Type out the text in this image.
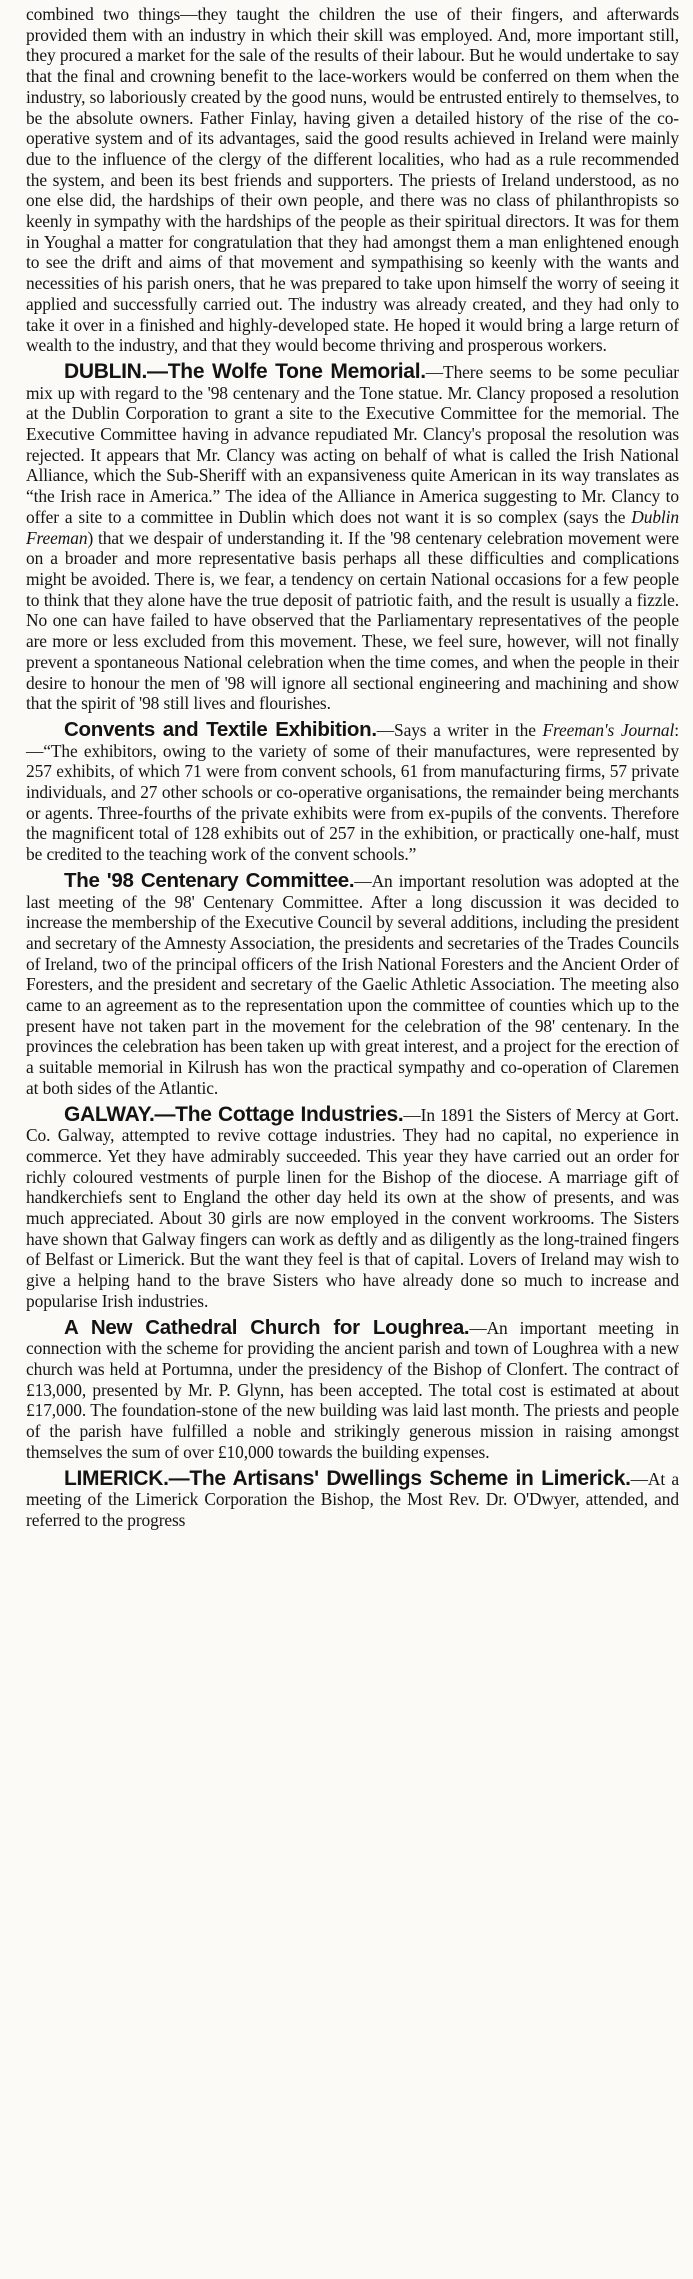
combined two things—they taught the children the use of their fingers, and afterwards provided them with an industry in which their skill was employed. And, more important still, they procured a market for the sale of the results of their labour. But he would undertake to say that the final and crowning benefit to the lace-workers would be conferred on them when the industry, so laboriously created by the good nuns, would be entrusted entirely to themselves, to be the absolute owners. Father Finlay, having given a detailed history of the rise of the co-operative system and of its advantages, said the good results achieved in Ireland were mainly due to the influence of the clergy of the different localities, who had as a rule recommended the system, and been its best friends and supporters. The priests of Ireland understood, as no one else did, the hardships of their own people, and there was no class of philanthropists so keenly in sympathy with the hardships of the people as their spiritual directors. It was for them in Youghal a matter for congratulation that they had amongst them a man enlightened enough to see the drift and aims of that movement and sympathising so keenly with the wants and necessities of his parish oners, that he was prepared to take upon himself the worry of seeing it applied and successfully carried out. The industry was already created, and they had only to take it over in a finished and highly-developed state. He hoped it would bring a large return of wealth to the industry, and that they would become thriving and prosperous workers.

DUBLIN.—The Wolfe Tone Memorial.—There seems to be some peculiar mix up with regard to the '98 centenary and the Tone statue. Mr. Clancy proposed a resolution at the Dublin Corporation to grant a site to the Executive Committee for the memorial. The Executive Committee having in advance repudiated Mr. Clancy's proposal the resolution was rejected. It appears that Mr. Clancy was acting on behalf of what is called the Irish National Alliance, which the Sub-Sheriff with an expansiveness quite American in its way translates as “the Irish race in America.” The idea of the Alliance in America suggesting to Mr. Clancy to offer a site to a committee in Dublin which does not want it is so complex (says the Dublin Freeman) that we despair of understanding it. If the '98 centenary celebration movement were on a broader and more representative basis perhaps all these difficulties and complications might be avoided. There is, we fear, a tendency on certain National occasions for a few people to think that they alone have the true deposit of patriotic faith, and the result is usually a fizzle. No one can have failed to have observed that the Parliamentary representatives of the people are more or less excluded from this movement. These, we feel sure, however, will not finally prevent a spontaneous National celebration when the time comes, and when the people in their desire to honour the men of '98 will ignore all sectional engineering and machining and show that the spirit of '98 still lives and flourishes.

Convents and Textile Exhibition.—Says a writer in the Freeman's Journal:—“The exhibitors, owing to the variety of some of their manufactures, were represented by 257 exhibits, of which 71 were from convent schools, 61 from manufacturing firms, 57 private individuals, and 27 other schools or co-operative organisations, the remainder being merchants or agents. Three-fourths of the private exhibits were from ex-pupils of the convents. Therefore the magnificent total of 128 exhibits out of 257 in the exhibition, or practically one-half, must be credited to the teaching work of the convent schools.”

The '98 Centenary Committee.—An important resolution was adopted at the last meeting of the 98' Centenary Committee. After a long discussion it was decided to increase the membership of the Executive Council by several additions, including the president and secretary of the Amnesty Association, the presidents and secretaries of the Trades Councils of Ireland, two of the principal officers of the Irish National Foresters and the Ancient Order of Foresters, and the president and secretary of the Gaelic Athletic Association. The meeting also came to an agreement as to the representation upon the committee of counties which up to the present have not taken part in the movement for the celebration of the 98' centenary. In the provinces the celebration has been taken up with great interest, and a project for the erection of a suitable memorial in Kilrush has won the practical sympathy and co-operation of Claremen at both sides of the Atlantic.

GALWAY.—The Cottage Industries.—In 1891 the Sisters of Mercy at Gort. Co. Galway, attempted to revive cottage industries. They had no capital, no experience in commerce. Yet they have admirably succeeded. This year they have carried out an order for richly coloured vestments of purple linen for the Bishop of the diocese. A marriage gift of handkerchiefs sent to England the other day held its own at the show of presents, and was much appreciated. About 30 girls are now employed in the convent workrooms. The Sisters have shown that Galway fingers can work as deftly and as diligently as the long-trained fingers of Belfast or Limerick. But the want they feel is that of capital. Lovers of Ireland may wish to give a helping hand to the brave Sisters who have already done so much to increase and popularise Irish industries.

A New Cathedral Church for Loughrea.—An important meeting in connection with the scheme for providing the ancient parish and town of Loughrea with a new church was held at Portumna, under the presidency of the Bishop of Clonfert. The contract of £13,000, presented by Mr. P. Glynn, has been accepted. The total cost is estimated at about £17,000. The foundation-stone of the new building was laid last month. The priests and people of the parish have fulfilled a noble and strikingly generous mission in raising amongst themselves the sum of over £10,000 towards the building expenses.

LIMERICK.—The Artisans' Dwellings Scheme in Limerick.—At a meeting of the Limerick Corporation the Bishop, the Most Rev. Dr. O'Dwyer, attended, and referred to the progress
